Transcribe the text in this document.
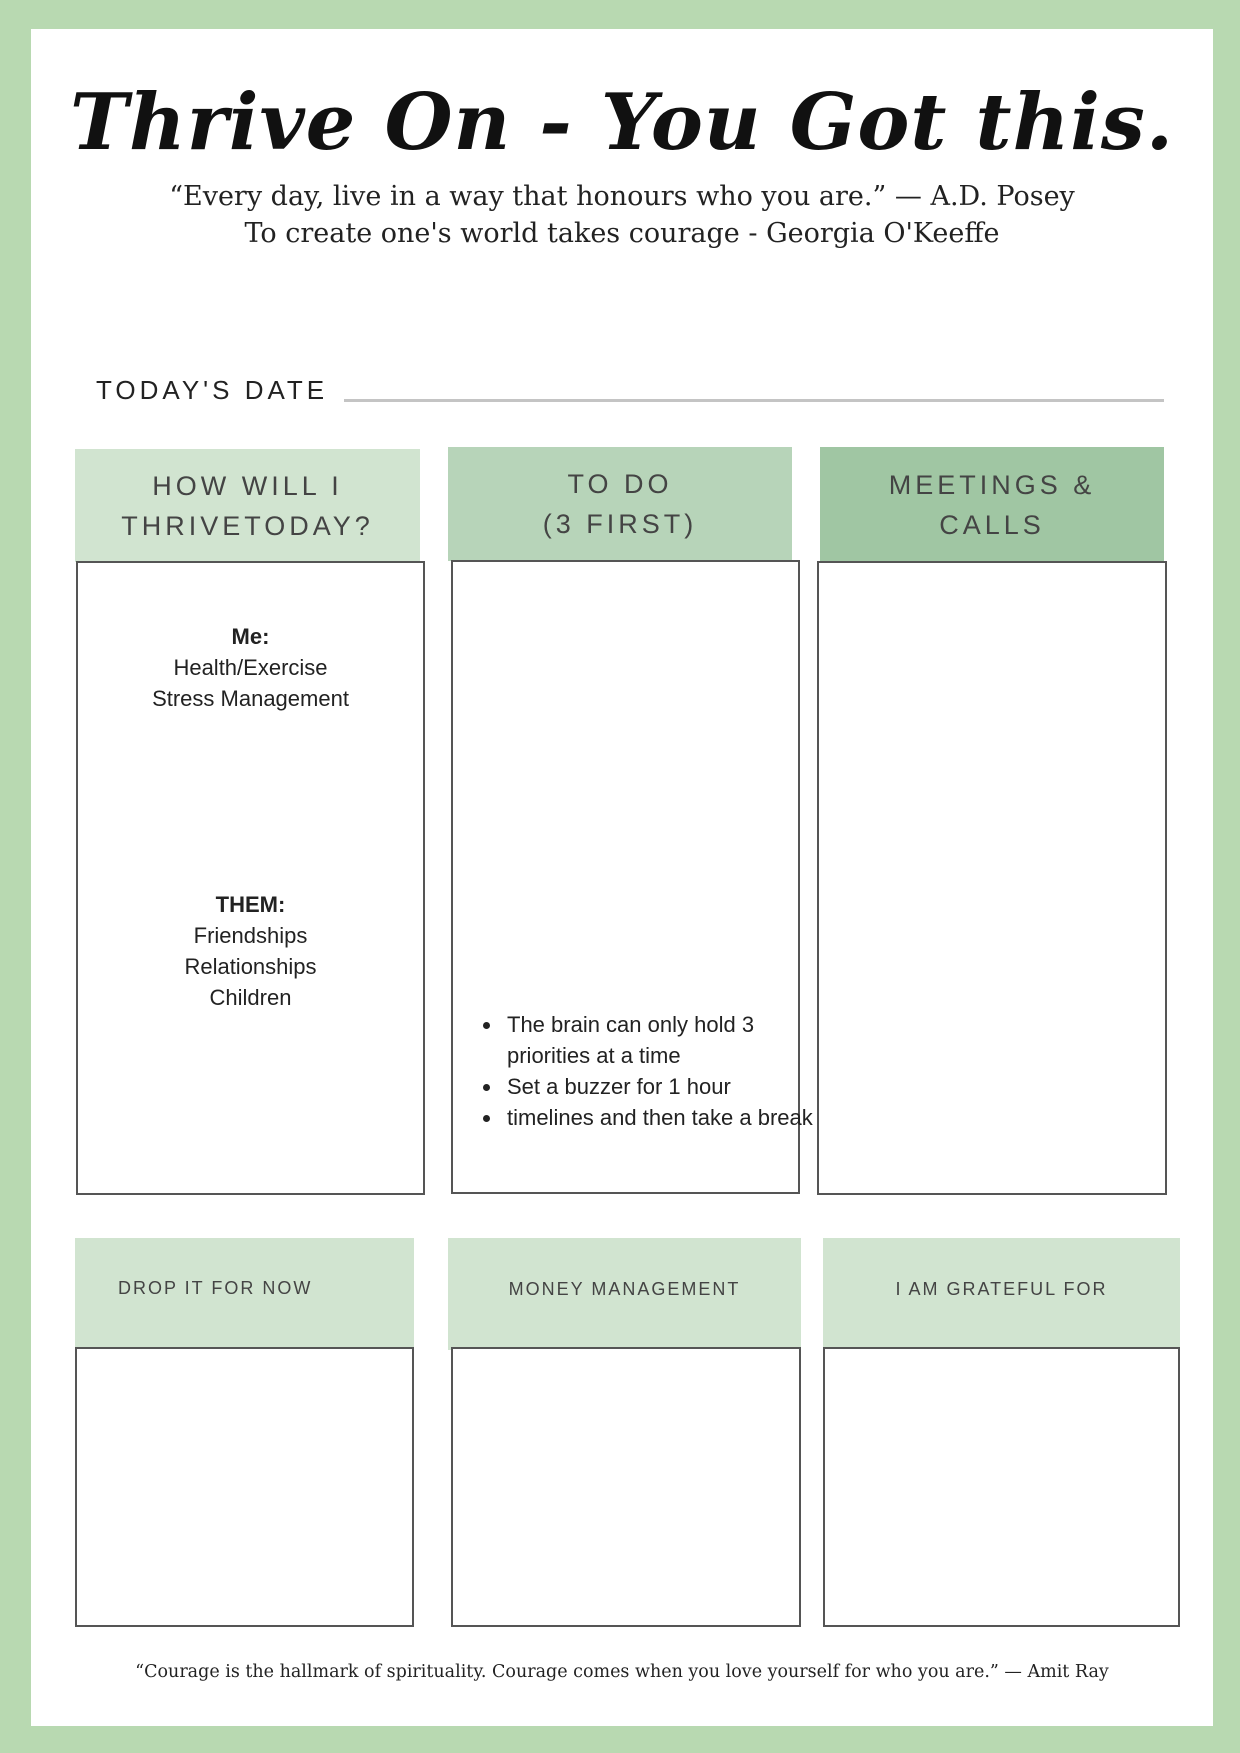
Thrive On - You Got this.
“Every day, live in a way that honours who you are.” — A.D. Posey
To create one's world takes courage - Georgia O'Keeffe
TODAY'S DATE
HOW WILL I
THRIVETODAY?
TO DO
(3 FIRST)
MEETINGS &
CALLS
Me:
Health/Exercise
Stress Management
THEM:
Friendships
Relationships
Children
• The brain can only hold 3 priorities at a time
• Set a buzzer for 1 hour
• timelines and then take a break
DROP IT FOR NOW	MONEY MANAGEMENT	I AM GRATEFUL FOR
“Courage is the hallmark of spirituality. Courage comes when you love yourself for who you are.” — Amit Ray
